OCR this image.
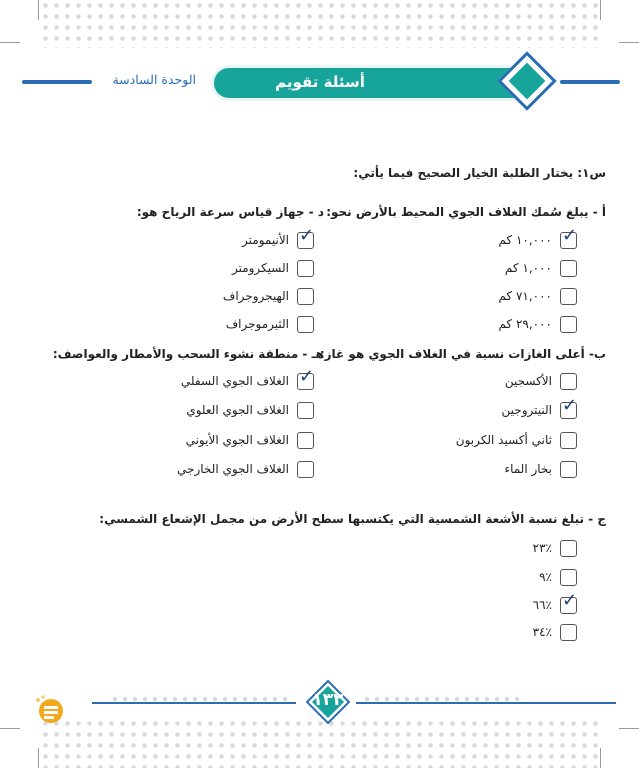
الوحدة السادسة	أسئلة تقويم
س١: يختار الطلبة الخيار الصحيح فيما يأتي:
أ - يبلغ سُمك الغلاف الجوي المحيط بالأرض نحو:
✓
١٠,٠٠٠ كم
١,٠٠٠ كم
٧١,٠٠٠ كم
٢٩,٠٠٠ كم
د - جهاز قياس سرعة الرياح هو:
✓
الأنيمومتر
السيكرومتر
الهيجروجراف
الثيرموجراف
ب- أعلى الغازات نسبة في الغلاف الجوي هو غاز:
الأكسجين
✓
النيتروجين
ثاني أكسيد الكربون
بخار الماء
هـ - منطقة نشوء السحب والأمطار والعواصف:
✓
الغلاف الجوي السفلي
الغلاف الجوي العلوي
الغلاف الجوي الأيوني
الغلاف الجوي الخارجي
ج - تبلغ نسبة الأشعة الشمسية التي يكتسبها سطح الأرض من مجمل الإشعاع الشمسي:
٪٢٣
٪٩
✓
٪٦٦
٪٣٤
١٣٢
